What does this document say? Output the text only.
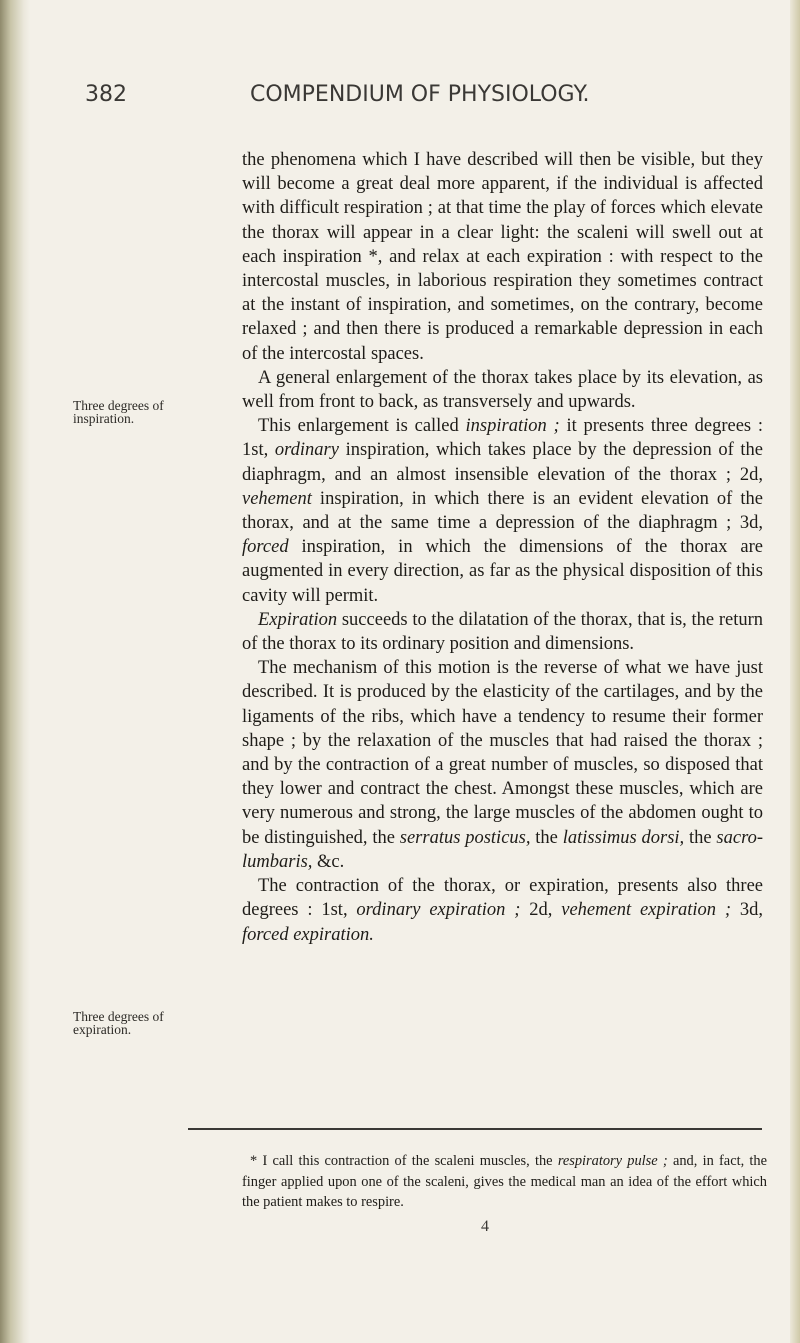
382	COMPENDIUM OF PHYSIOLOGY.
Three degrees of inspiration.
Three degrees of expiration.

the phenomena which I have described will then be visible, but they will become a great deal more apparent, if the individual is affected with difficult respiration ; at that time the play of forces which elevate the thorax will appear in a clear light: the scaleni will swell out at each inspiration *, and relax at each expiration : with respect to the intercostal muscles, in laborious respiration they sometimes contract at the instant of inspiration, and sometimes, on the contrary, become relaxed ; and then there is produced a remarkable depression in each of the intercostal spaces.

A general enlargement of the thorax takes place by its elevation, as well from front to back, as transversely and upwards.

This enlargement is called inspiration ; it presents three degrees : 1st, ordinary inspiration, which takes place by the depression of the diaphragm, and an almost insensible elevation of the thorax ; 2d, vehement inspiration, in which there is an evident elevation of the thorax, and at the same time a depression of the diaphragm ; 3d, forced inspiration, in which the dimensions of the thorax are augmented in every direction, as far as the physical disposition of this cavity will permit.

Expiration succeeds to the dilatation of the thorax, that is, the return of the thorax to its ordinary position and dimensions.

The mechanism of this motion is the reverse of what we have just described. It is produced by the elasticity of the cartilages, and by the ligaments of the ribs, which have a tendency to resume their former shape ; by the relaxation of the muscles that had raised the thorax ; and by the contraction of a great number of muscles, so disposed that they lower and contract the chest. Amongst these muscles, which are very numerous and strong, the large muscles of the abdomen ought to be distinguished, the serratus posticus, the latissimus dorsi, the sacro-lumbaris, &c.

The contraction of the thorax, or expiration, presents also three degrees : 1st, ordinary expiration ; 2d, vehement expiration ; 3d, forced expiration.

* I call this contraction of the scaleni muscles, the respiratory pulse ; and, in fact, the finger applied upon one of the scaleni, gives the medical man an idea of the effort which the patient makes to respire.

4
